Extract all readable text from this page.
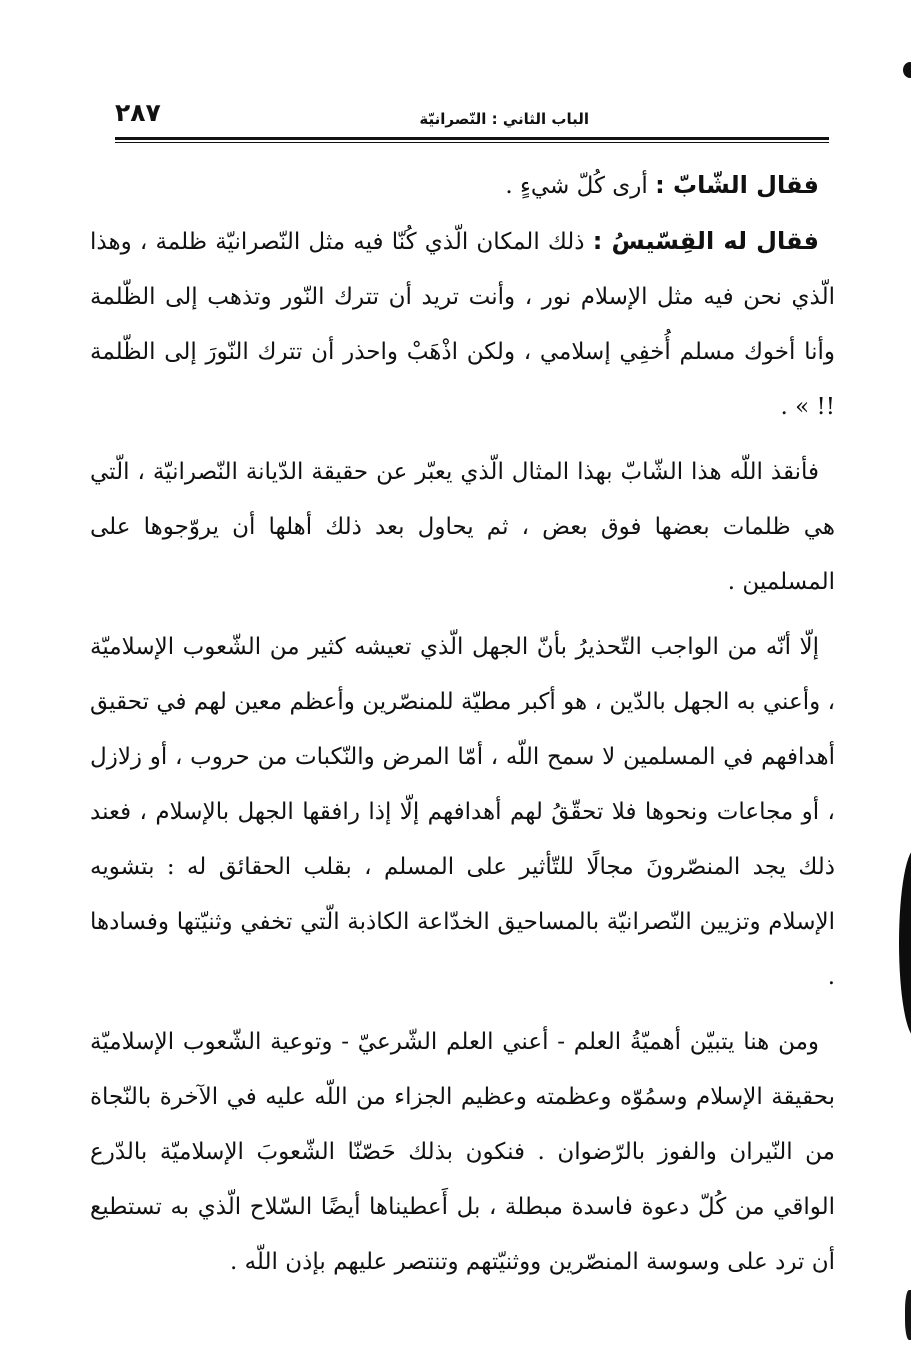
الباب الثاني : النّصرانيّة
٢٨٧

فقال الشّابّ : أرى كُلّ شيءٍ .

فقال له القِسّيسُ : ذلك المكان الّذي كُنّا فيه مثل النّصرانيّة ظلمة ، وهذا الّذي نحن فيه مثل الإسلام نور ، وأنت تريد أن تترك النّور وتذهب إلى الظّلمة وأنا أخوك مسلم أُخفِي إسلامي ، ولكن اذْهَبْ واحذر أن تترك النّورَ إلى الظّلمة !! » .

فأنقذ اللّه هذا الشّابّ بهذا المثال الّذي يعبّر عن حقيقة الدّيانة النّصرانيّة ، الّتي هي ظلمات بعضها فوق بعض ، ثم يحاول بعد ذلك أهلها أن يروّجوها على المسلمين .

إلّا أنّه من الواجب التّحذيرُ بأنّ الجهل الّذي تعيشه كثير من الشّعوب الإسلاميّة ، وأعني به الجهل بالدّين ، هو أكبر مطيّة للمنصّرين وأعظم معين لهم في تحقيق أهدافهم في المسلمين لا سمح اللّه ، أمّا المرض والنّكبات من حروب ، أو زلازل ، أو مجاعات ونحوها فلا تحقّقُ لهم أهدافهم إلّا إذا رافقها الجهل بالإسلام ، فعند ذلك يجد المنصّرونَ مجالًا للتّأثير على المسلم ، بقلب الحقائق له : بتشويه الإسلام وتزيين النّصرانيّة بالمساحيق الخدّاعة الكاذبة الّتي تخفي وثنيّتها وفسادها .

ومن هنا يتبيّن أهميّةُ العلم - أعني العلم الشّرعيّ - وتوعية الشّعوب الإسلاميّة بحقيقة الإسلام وسمُوّه وعظمته وعظيم الجزاء من اللّه عليه في الآخرة بالنّجاة من النّيران والفوز بالرّضوان . فنكون بذلك حَصّنّا الشّعوبَ الإسلاميّة بالدّرع الواقي من كُلّ دعوة فاسدة مبطلة ، بل أَعطيناها أيضًا السّلاح الّذي به تستطيع أن ترد على وسوسة المنصّرين ووثنيّتهم وتنتصر عليهم بإذن اللّه .
